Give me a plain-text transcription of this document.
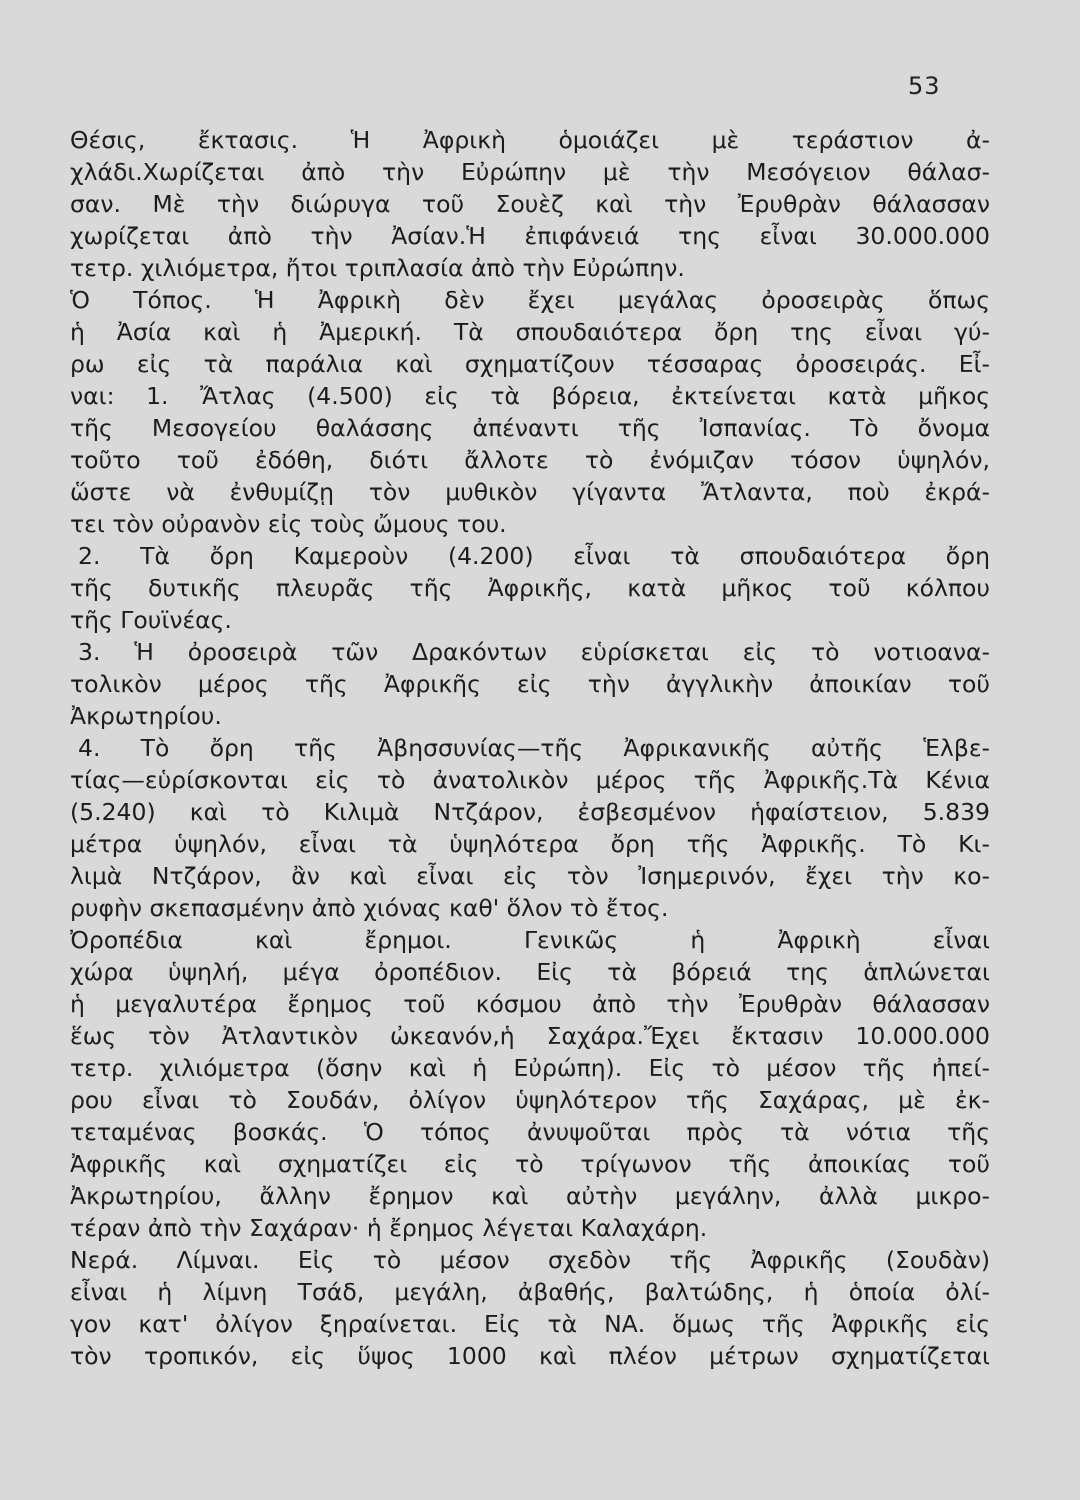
53
Θέσις, ἔκτασις. Ἡ Ἀφρικὴ ὁμοιάζει μὲ τεράστιον ἀ-
χλάδι.Χωρίζεται ἀπὸ τὴν Εὐρώπην μὲ τὴν Μεσόγειον θάλασ-
σαν. Μὲ τὴν διώρυγα τοῦ Σουὲζ καὶ τὴν Ἐρυθρὰν θάλασσαν
χωρίζεται ἀπὸ τὴν Ἀσίαν.Ἡ ἐπιφάνειά της εἶναι 30.000.000
τετρ. χιλιόμετρα, ἤτοι τριπλασία ἀπὸ τὴν Εὐρώπην.
Ὁ Τόπος. Ἡ Ἀφρικὴ δὲν ἔχει μεγάλας ὀροσειρὰς ὅπως
ἡ Ἀσία καὶ ἡ Ἀμερική. Τὰ σπουδαιότερα ὄρη της εἶναι γύ-
ρω εἰς τὰ παράλια καὶ σχηματίζουν τέσσαρας ὀροσειράς. Εἶ-
ναι: 1. Ἄτλας (4.500) εἰς τὰ βόρεια, ἐκτείνεται κατὰ μῆκος
τῆς Μεσογείου θαλάσσης ἀπέναντι τῆς Ἰσπανίας. Τὸ ὄνομα
τοῦτο τοῦ ἐδόθη, διότι ἄλλοτε τὸ ἐνόμιζαν τόσον ὑψηλόν,
ὥστε νὰ ἐνθυμίζῃ τὸν μυθικὸν γίγαντα Ἄτλαντα, ποὺ ἐκρά-
τει τὸν οὐρανὸν εἰς τοὺς ὤμους του.
2. Τὰ ὄρη Καμεροὺν (4.200) εἶναι τὰ σπουδαιότερα ὄρη
τῆς δυτικῆς πλευρᾶς τῆς Ἀφρικῆς, κατὰ μῆκος τοῦ κόλπου
τῆς Γουϊνέας.
3. Ἡ ὀροσειρὰ τῶν Δρακόντων εὑρίσκεται εἰς τὸ νοτιοανα-
τολικὸν μέρος τῆς Ἀφρικῆς εἰς τὴν ἀγγλικὴν ἀποικίαν τοῦ
Ἀκρωτηρίου.
4. Τὸ ὄρη τῆς Ἀβησσυνίας—τῆς Ἀφρικανικῆς αὐτῆς Ἑλβε-
τίας—εὑρίσκονται εἰς τὸ ἀνατολικὸν μέρος τῆς Ἀφρικῆς.Τὰ Κένια
(5.240) καὶ τὸ Κιλιμὰ Ντζάρον, ἐσβεσμένον ἡφαίστειον, 5.839
μέτρα ὑψηλόν, εἶναι τὰ ὑψηλότερα ὄρη τῆς Ἀφρικῆς. Τὸ Κι-
λιμὰ Ντζάρον, ἂν καὶ εἶναι εἰς τὸν Ἰσημερινόν, ἔχει τὴν κο-
ρυφὴν σκεπασμένην ἀπὸ χιόνας καθ' ὅλον τὸ ἔτος.
Ὀροπέδια καὶ ἔρημοι. Γενικῶς ἡ Ἀφρικὴ εἶναι
χώρα ὑψηλή, μέγα ὀροπέδιον. Εἰς τὰ βόρειά της ἁπλώνεται
ἡ μεγαλυτέρα ἔρημος τοῦ κόσμου ἀπὸ τὴν Ἐρυθρὰν θάλασσαν
ἕως τὸν Ἀτλαντικὸν ὠκεανόν,ἡ Σαχάρα.Ἔχει ἔκτασιν 10.000.000
τετρ. χιλιόμετρα (ὅσην καὶ ἡ Εὐρώπη). Εἰς τὸ μέσον τῆς ἠπεί-
ρου εἶναι τὸ Σουδάν, ὀλίγον ὑψηλότερον τῆς Σαχάρας, μὲ ἐκ-
τεταμένας βοσκάς. Ὁ τόπος ἀνυψοῦται πρὸς τὰ νότια τῆς
Ἀφρικῆς καὶ σχηματίζει εἰς τὸ τρίγωνον τῆς ἀποικίας τοῦ
Ἀκρωτηρίου, ἄλλην ἔρημον καὶ αὐτὴν μεγάλην, ἀλλὰ μικρο-
τέραν ἀπὸ τὴν Σαχάραν· ἡ ἔρημος λέγεται Καλαχάρη.
Νερά. Λίμναι. Εἰς τὸ μέσον σχεδὸν τῆς Ἀφρικῆς (Σουδὰν)
εἶναι ἡ λίμνη Τσάδ, μεγάλη, ἀβαθής, βαλτώδης, ἡ ὁποία ὀλί-
γον κατ' ὀλίγον ξηραίνεται. Εἰς τὰ ΝΑ. ὅμως τῆς Ἀφρικῆς εἰς
τὸν τροπικόν, εἰς ὕψος 1000 καὶ πλέον μέτρων σχηματίζεται
